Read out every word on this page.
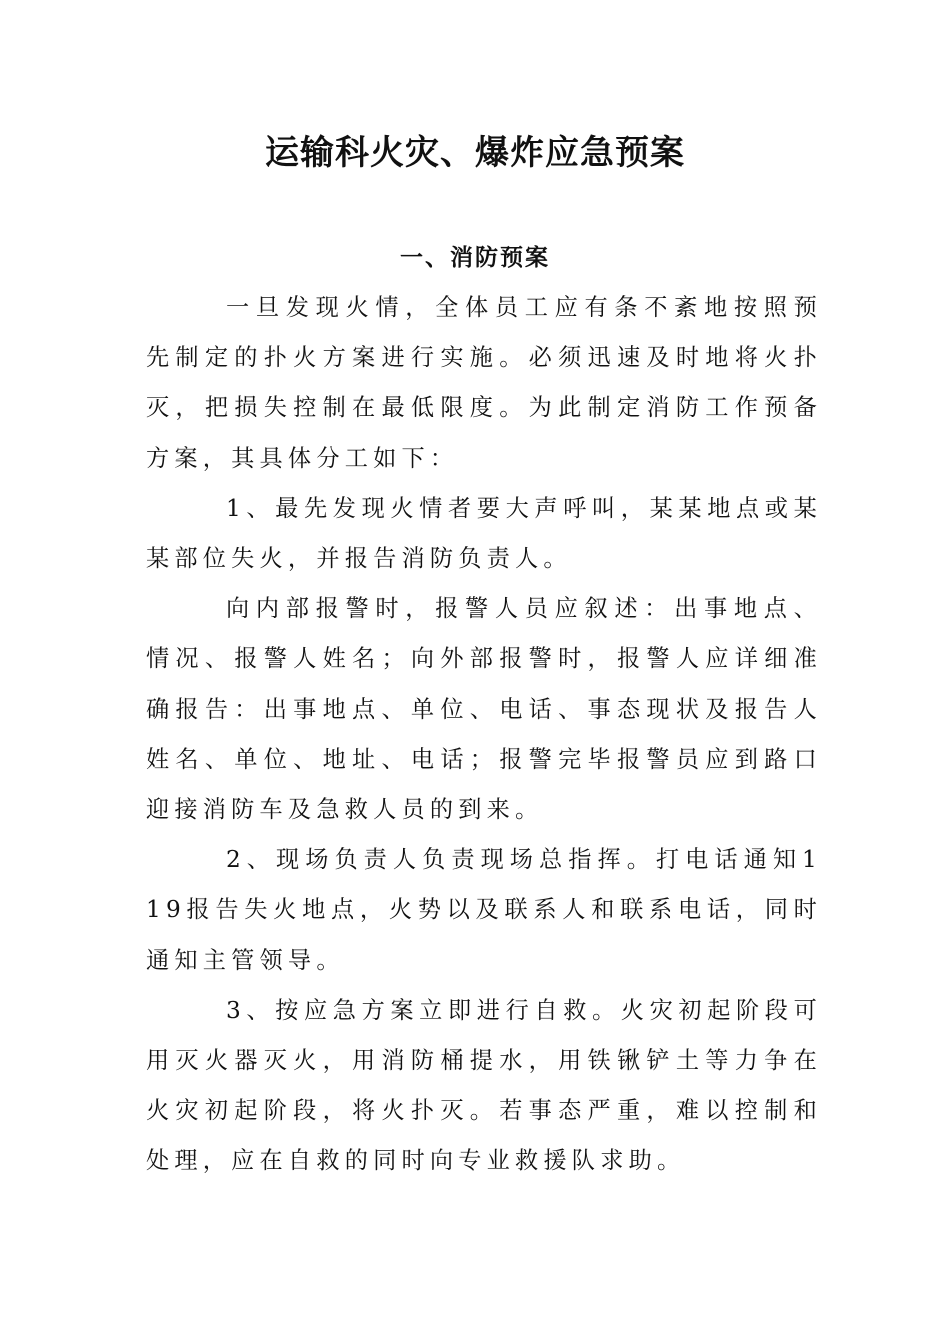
运输科火灾、爆炸应急预案
一、消防预案

一旦发现火情，全体员工应有条不紊地按照预先制定的扑火方案进行实施。必须迅速及时地将火扑灭，把损失控制在最低限度。为此制定消防工作预备方案，其具体分工如下：

1、最先发现火情者要大声呼叫，某某地点或某某部位失火，并报告消防负责人。

向内部报警时，报警人员应叙述：出事地点、情况、报警人姓名；向外部报警时，报警人应详细准确报告：出事地点、单位、电话、事态现状及报告人姓名、单位、地址、电话；报警完毕报警员应到路口迎接消防车及急救人员的到来。

2、现场负责人负责现场总指挥。打电话通知119报告失火地点，火势以及联系人和联系电话，同时通知主管领导。

3、按应急方案立即进行自救。火灾初起阶段可用灭火器灭火，用消防桶提水，用铁锹铲土等力争在火灾初起阶段，将火扑灭。若事态严重，难以控制和处理，应在自救的同时向专业救援队求助。
